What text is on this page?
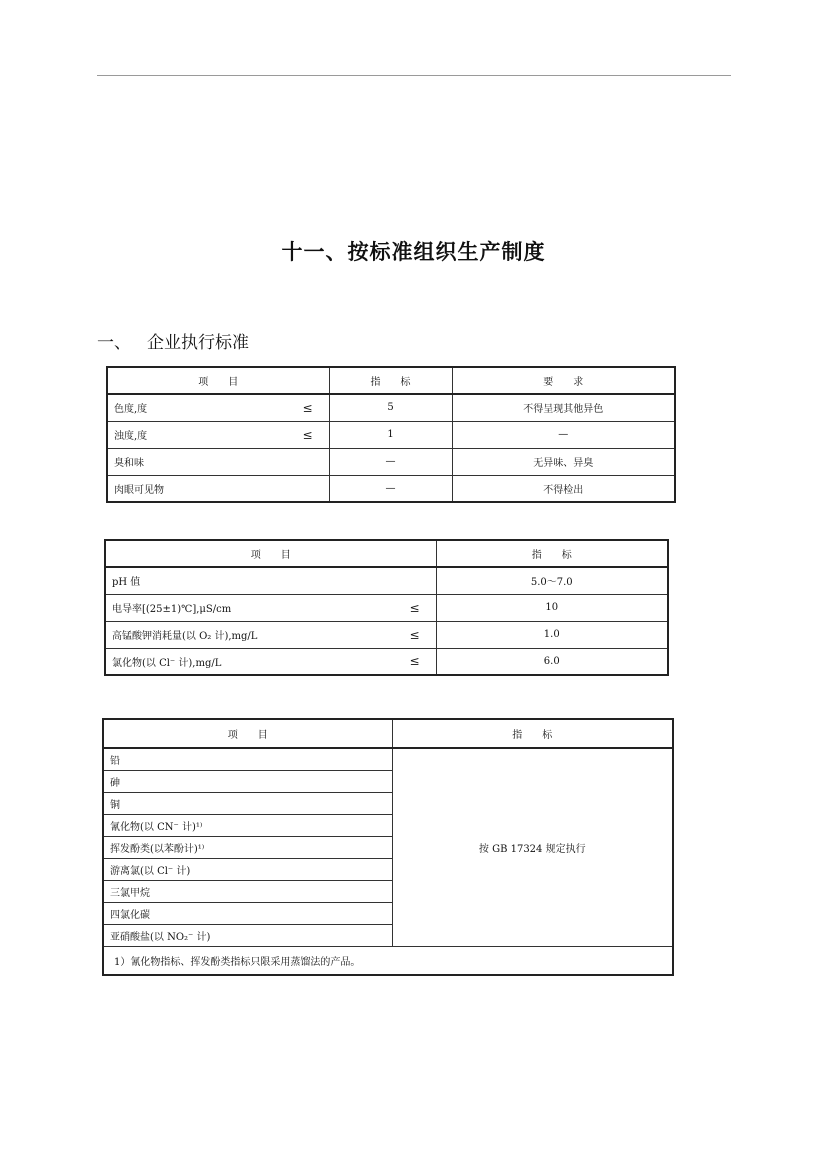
十一、按标准组织生产制度
一、 企业执行标准
项　　目	指　　标	要　　求

色度,度 ≤	5	不得呈现其他异色

浊度,度 ≤	1	—

臭和味	—	无异味、异臭

肉眼可见物	—	不得检出
项　　目	指　　标

pH 值	5.0～7.0

电导率[(25±1)℃],μS/cm ≤	10

高锰酸钾消耗量(以 O₂ 计),mg/L ≤	1.0

氯化物(以 Cl⁻ 计),mg/L ≤	6.0
项　　目	指　　标
铅	按 GB 17324 规定执行
砷	
铜	
氰化物(以 CN⁻ 计)¹⁾	
挥发酚类(以苯酚计)¹⁾	
游离氯(以 Cl⁻ 计)	
三氯甲烷	
四氯化碳	
亚硝酸盐(以 NO₂⁻ 计)	
1）氰化物指标、挥发酚类指标只限采用蒸馏法的产品。	
